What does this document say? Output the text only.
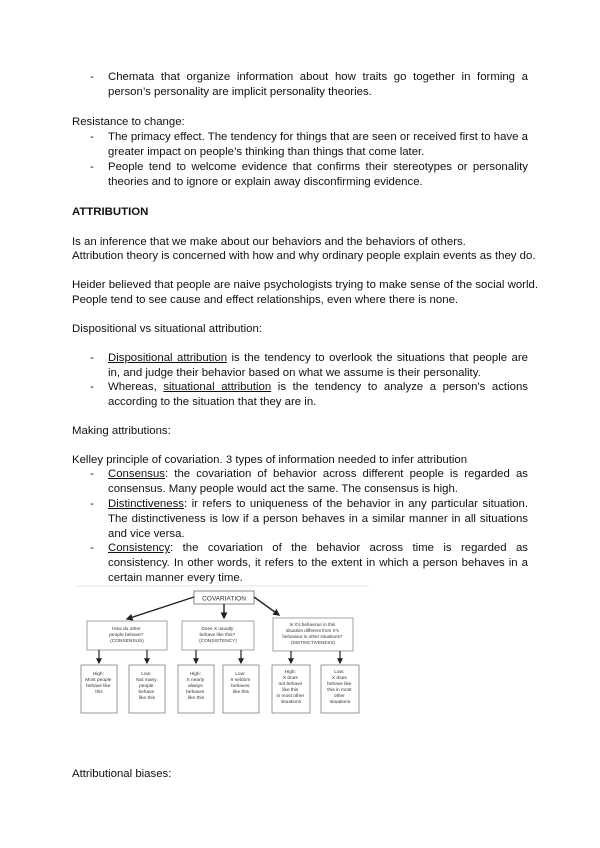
-	Chemata that organize information about how traits go together in forming a person’s personality are implicit personality theories.
Resistance to change:
-	The primacy effect. The tendency for things that are seen or received first to have a greater impact on people’s thinking than things that come later.
-	People tend to welcome evidence that confirms their stereotypes or personality theories and to ignore or explain away disconfirming evidence.
ATTRIBUTION
Is an inference that we make about our behaviors and the behaviors of others.
Attribution theory is concerned with how and why ordinary people explain events as they do.
Heider believed that people are naive psychologists trying to make sense of the social world.
People tend to see cause and effect relationships, even where there is none.
Dispositional vs situational attribution:
-	Dispositional attribution is the tendency to overlook the situations that people are in, and judge their behavior based on what we assume is their personality.
-	Whereas, situational attribution is the tendency to analyze a person's actions according to the situation that they are in.
Making attributions:
Kelley principle of covariation. 3 types of information needed to infer attribution
-	Consensus: the covariation of behavior across different people is regarded as consensus. Many people would act the same. The consensus is high.
-	Distinctiveness: ir refers to uniqueness of the behavior in any particular situation. The distinctiveness is low if a person behaves in a similar manner in all situations and vice versa.
-	Consistency: the covariation of the behavior across time is regarded as consistency. In other words, it refers to the extent in which a person behaves in a certain manner every time.
COVARIATION
How do other people behave? (CONSENSUS)
Does X usually behave like this? (CONSISTENCY)
Is X's behaviour in this situation different from X's behaviour in other situations? (DISTINCTIVENESS)
High: Most people behave like this
Low: Not many people behave like this
High: X nearly always behaves like this
Low: X seldom behaves like this
High: X does not behave like this in most other situations
Low: X does behave like this in most other situations
Attributional biases:
